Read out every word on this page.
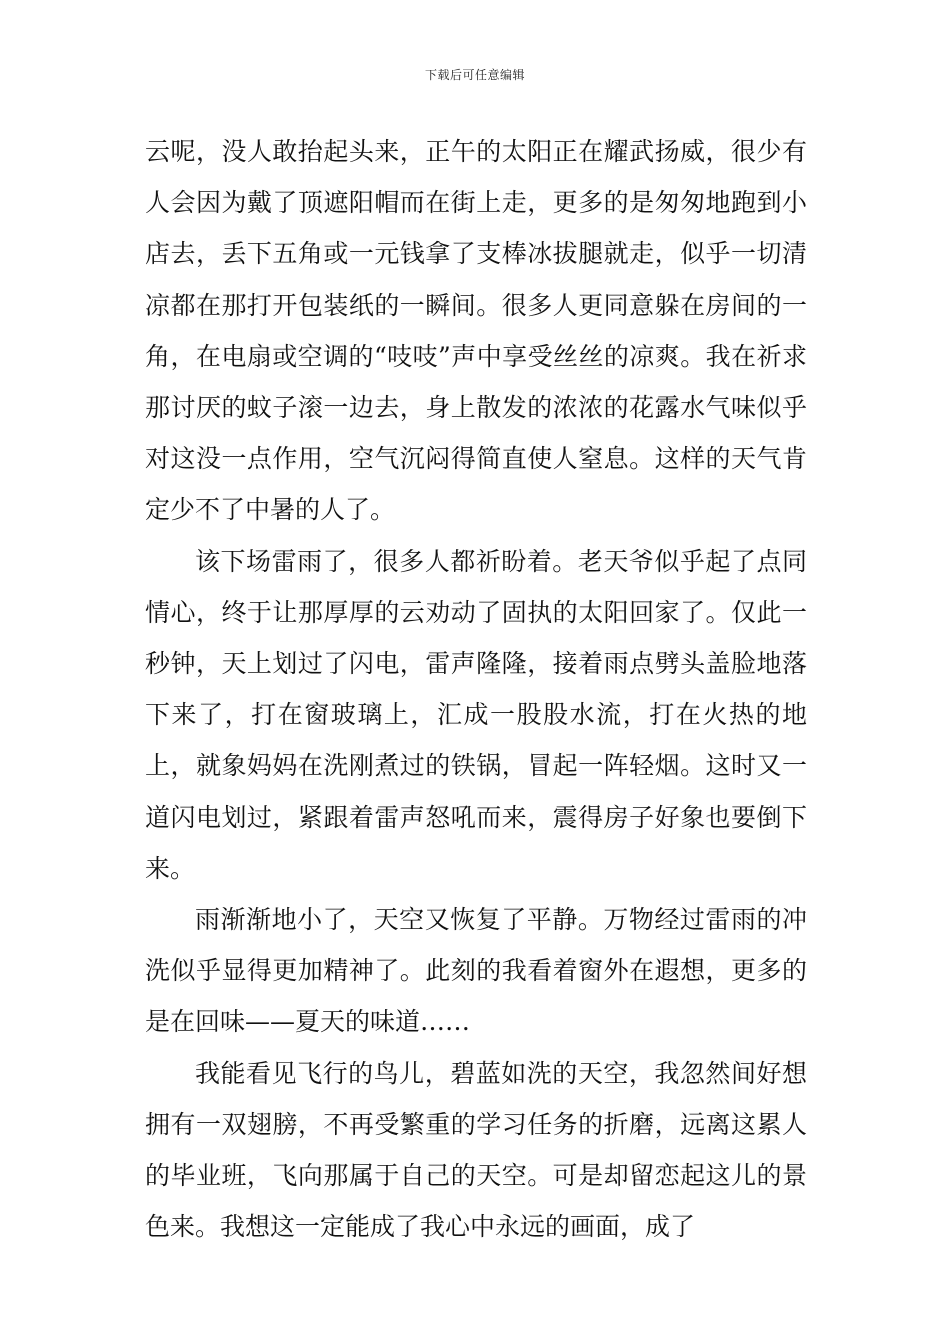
下载后可任意编辑

云呢，没人敢抬起头来，正午的太阳正在耀武扬威，很少有人会因为戴了顶遮阳帽而在街上走，更多的是匆匆地跑到小店去，丢下五角或一元钱拿了支棒冰拔腿就走，似乎一切清凉都在那打开包装纸的一瞬间。很多人更同意躲在房间的一角，在电扇或空调的“吱吱”声中享受丝丝的凉爽。我在祈求那讨厌的蚊子滚一边去，身上散发的浓浓的花露水气味似乎对这没一点作用，空气沉闷得简直使人窒息。这样的天气肯定少不了中暑的人了。

该下场雷雨了，很多人都祈盼着。老天爷似乎起了点同情心，终于让那厚厚的云劝动了固执的太阳回家了。仅此一秒钟，天上划过了闪电，雷声隆隆，接着雨点劈头盖脸地落下来了，打在窗玻璃上，汇成一股股水流，打在火热的地上，就象妈妈在洗刚煮过的铁锅，冒起一阵轻烟。这时又一道闪电划过，紧跟着雷声怒吼而来，震得房子好象也要倒下来。

雨渐渐地小了，天空又恢复了平静。万物经过雷雨的冲洗似乎显得更加精神了。此刻的我看着窗外在遐想，更多的是在回味——夏天的味道……

我能看见飞行的鸟儿，碧蓝如洗的天空，我忽然间好想拥有一双翅膀，不再受繁重的学习任务的折磨，远离这累人的毕业班，飞向那属于自己的天空。可是却留恋起这儿的景色来。我想这一定能成了我心中永远的画面，成了
